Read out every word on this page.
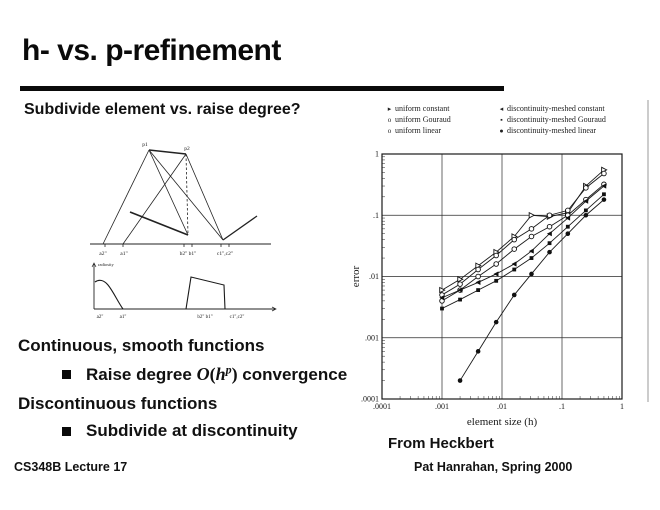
h- vs. p-refinement
Subdivide element vs. raise degree?	▸ uniform constant
o uniform Gouraud
o uniform linear
◂ discontinuity-meshed constant
▪ discontinuity-meshed Gouraud
● discontinuity-meshed linear
p1
p2
a2" a1"	b2" b1"	c1",c2"
radiosity
a2"	a1"	b2" b1"	c1",c2"
.0001	.001	.01	.1	1
1
.1
.01
.001
.0001
element size (h)
error
Continuous, smooth functions
Raise degree $O(h^p)$ convergence
Discontinuous functions
Subdivide at discontinuity
From Heckbert
CS348B Lecture 17	Pat Hanrahan, Spring 2000
